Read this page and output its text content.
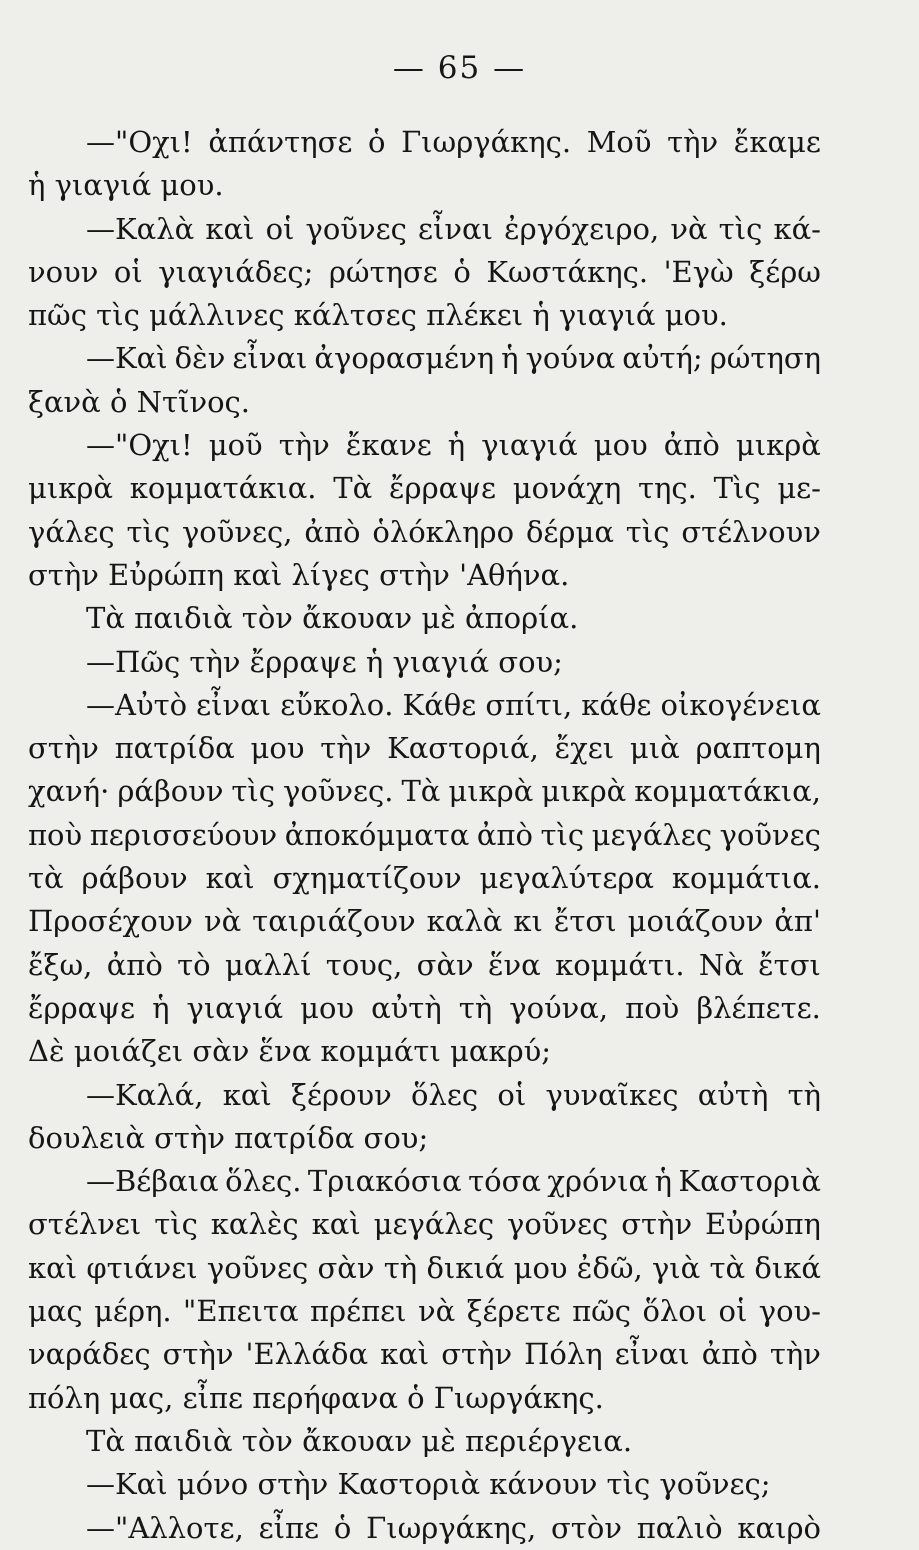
— 65 —
—"Οχι! ἀπάντησε ὁ Γιωργάκης. Μοῦ τὴν ἔκαμε
ἡ γιαγιά μου.
—Καλὰ καὶ οἱ γοῦνες εἶναι ἐργόχειρο, νὰ τὶς κά-
νουν οἱ γιαγιάδες; ρώτησε ὁ Κωστάκης. 'Εγὼ ξέρω
πῶς τὶς μάλλινες κάλτσες πλέκει ἡ γιαγιά μου.
—Καὶ δὲν εἶναι ἀγορασμένη ἡ γούνα αὐτή; ρώτηση
ξανὰ ὁ Ντῖνος.
—"Οχι! μοῦ τὴν ἔκανε ἡ γιαγιά μου ἀπὸ μικρὰ
μικρὰ κομματάκια. Τὰ ἔρραψε μονάχη της. Τὶς με-
γάλες τὶς γοῦνες, ἀπὸ ὁλόκληρο δέρμα τὶς στέλνουν
στὴν Εὐρώπη καὶ λίγες στὴν 'Αθήνα.
Τὰ παιδιὰ τὸν ἄκουαν μὲ ἀπορία.
—Πῶς τὴν ἔρραψε ἡ γιαγιά σου;
—Αὐτὸ εἶναι εὔκολο. Κάθε σπίτι, κάθε οἰκογένεια
στὴν πατρίδα μου τὴν Καστοριά, ἔχει μιὰ ραπτομη
χανή· ράβουν τὶς γοῦνες. Τὰ μικρὰ μικρὰ κομματάκια,
ποὺ περισσεύουν ἀποκόμματα ἀπὸ τὶς μεγάλες γοῦνες
τὰ ράβουν καὶ σχηματίζουν μεγαλύτερα κομμάτια.
Προσέχουν νὰ ταιριάζουν καλὰ κι ἔτσι μοιάζουν ἀπ'
ἔξω, ἀπὸ τὸ μαλλί τους, σὰν ἕνα κομμάτι. Νὰ ἔτσι
ἔρραψε ἡ γιαγιά μου αὐτὴ τὴ γούνα, ποὺ βλέπετε.
Δὲ μοιάζει σὰν ἕνα κομμάτι μακρύ;
—Καλά, καὶ ξέρουν ὅλες οἱ γυναῖκες αὐτὴ τὴ
δουλειὰ στὴν πατρίδα σου;
—Βέβαια ὅλες. Τριακόσια τόσα χρόνια ἡ Καστοριὰ
στέλνει τὶς καλὲς καὶ μεγάλες γοῦνες στὴν Εὐρώπη
καὶ φτιάνει γοῦνες σὰν τὴ δικιά μου ἐδῶ, γιὰ τὰ δικά
μας μέρη. "Επειτα πρέπει νὰ ξέρετε πῶς ὅλοι οἱ γου-
ναράδες στὴν 'Ελλάδα καὶ στὴν Πόλη εἶναι ἀπὸ τὴν
πόλη μας, εἶπε περήφανα ὁ Γιωργάκης.
Τὰ παιδιὰ τὸν ἄκουαν μὲ περιέργεια.
—Καὶ μόνο στὴν Καστοριὰ κάνουν τὶς γοῦνες;
—"Αλλοτε, εἶπε ὁ Γιωργάκης, στὸν παλιὸ καιρὸ
